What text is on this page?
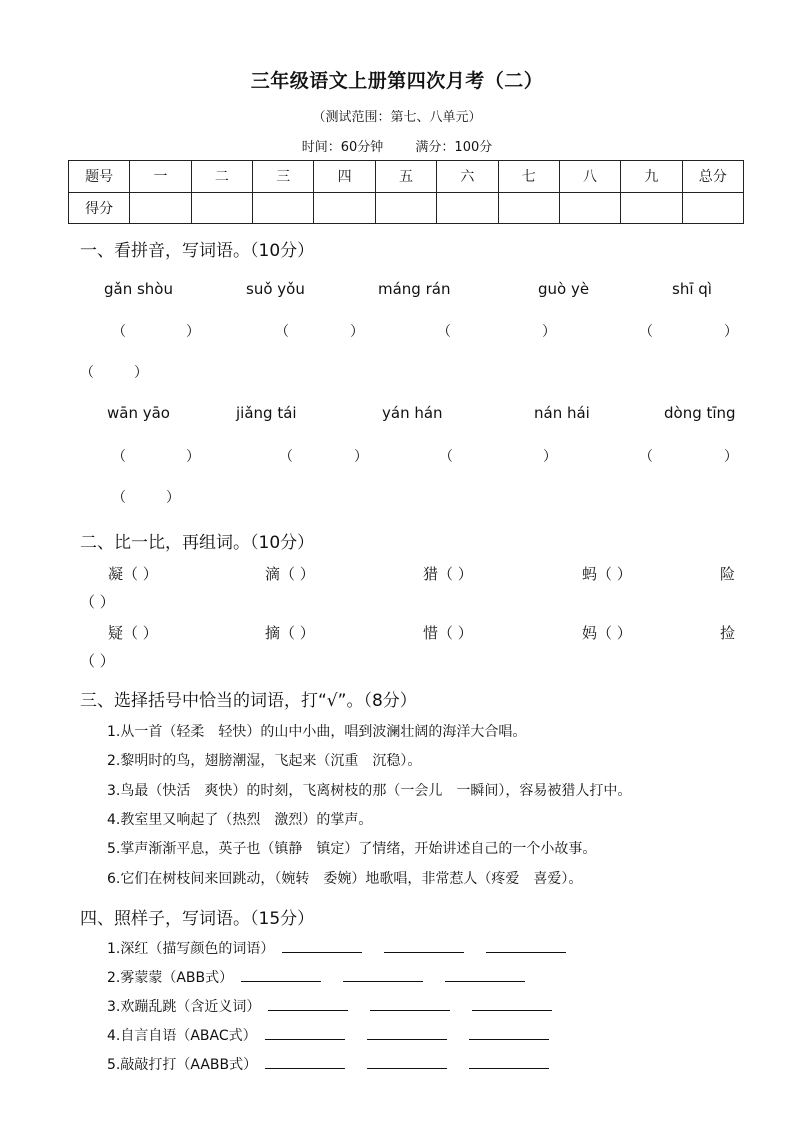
三年级语文上册第四次月考（二）
（测试范围：第七、八单元）
时间：60分钟 满分：100分
题号	一	二	三	四	五	六	七	八	九	总分
得分										
一、看拼音，写词语。（10分）
gǎn shòu	suǒ yǒu	máng rán	guò yè	shī qì
（	）	（	）	（	）	（	）
（	）
wān yāo	jiǎng tái	yán hán	nán hái	dòng tīng
（	）	（	）	（	）	（	）
（	）
二、比一比，再组词。（10分）
凝（ ）	滴（ ）	猎（ ）	蚂（ ）	险
（ ）
疑（ ）	摘（ ）	惜（ ）	妈（ ）	捡
（ ）
三、选择括号中恰当的词语，打“√”。（8分）
1.从一首（轻柔　轻快）的山中小曲，唱到波澜壮阔的海洋大合唱。
2.黎明时的鸟，翅膀潮湿，飞起来（沉重　沉稳）。
3.鸟最（快活　爽快）的时刻，飞离树枝的那（一会儿　一瞬间），容易被猎人打中。
4.教室里又响起了（热烈　激烈）的掌声。
5.掌声渐渐平息，英子也（镇静　镇定）了情绪，开始讲述自己的一个小故事。
6.它们在树枝间来回跳动，（婉转　委婉）地歌唱，非常惹人（疼爱　喜爱）。
四、照样子，写词语。（15分）
1.深红（描写颜色的词语）
2.雾蒙蒙（ABB式）
3.欢蹦乱跳（含近义词）
4.自言自语（ABAC式）
5.敲敲打打（AABB式）
